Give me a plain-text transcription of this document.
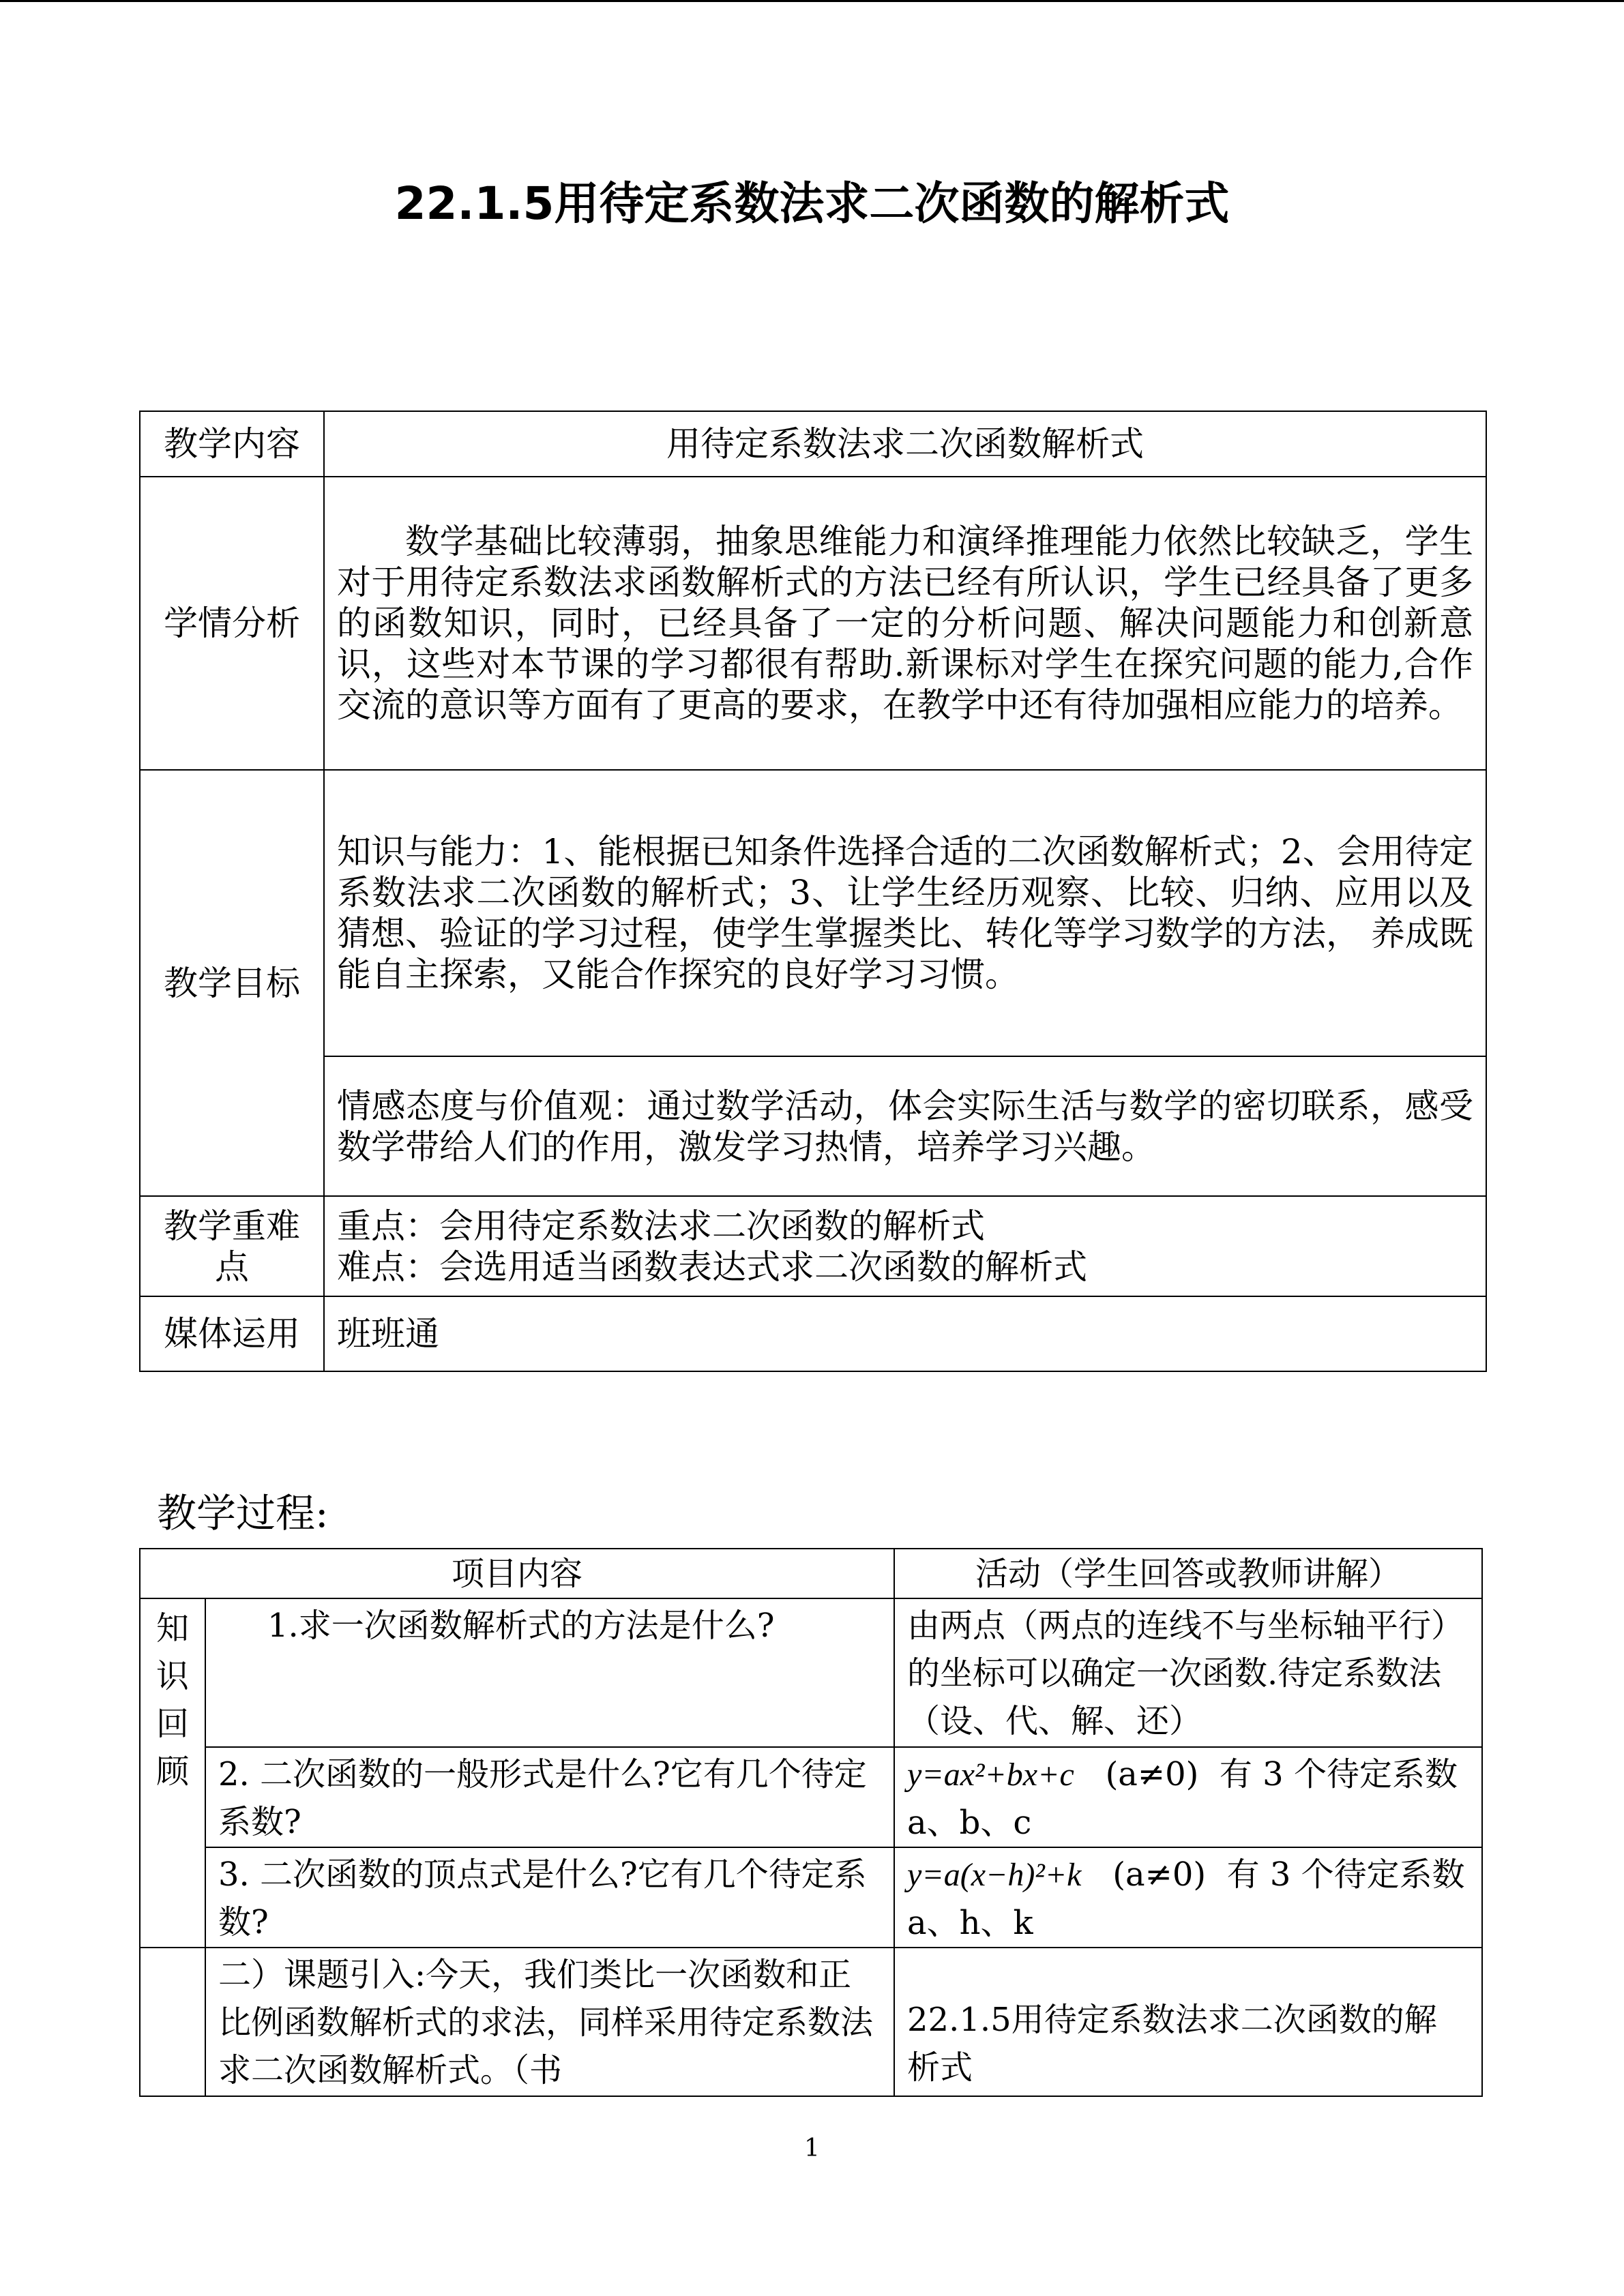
22.1.5用待定系数法求二次函数的解析式
教学内容	用待定系数法求二次函数解析式
学情分析	数学基础比较薄弱，抽象思维能力和演绎推理能力依然比较缺乏，学生对于用待定系数法求函数解析式的方法已经有所认识，学生已经具备了更多的函数知识，同时，已经具备了一定的分析问题、解决问题能力和创新意识，这些对本节课的学习都很有帮助.新课标对学生在探究问题的能力,合作交流的意识等方面有了更高的要求，在教学中还有待加强相应能力的培养。
教学目标	知识与能力：1、能根据已知条件选择合适的二次函数解析式；2、会用待定系数法求二次函数的解析式；3、让学生经历观察、比较、归纳、应用以及猜想、验证的学习过程，使学生掌握类比、转化等学习数学的方法， 养成既能自主探索，又能合作探究的良好学习习惯。
	情感态度与价值观：通过数学活动，体会实际生活与数学的密切联系，感受数学带给人们的作用，激发学习热情，培养学习兴趣。
教学重难点	重点：会用待定系数法求二次函数的解析式
难点：会选用适当函数表达式求二次函数的解析式

媒体运用	班班通
教学过程:
项目内容		活动（学生回答或教师讲解）
知识回顾	1.求一次函数解析式的方法是什么?	由两点（两点的连线不与坐标轴平行）的坐标可以确定一次函数.待定系数法（设、代、解、还）
	2. 二次函数的一般形式是什么?它有几个待定系数?	y=ax²+bx+c (a≠0) 有 3 个待定系数 a、b、c
	3. 二次函数的顶点式是什么?它有几个待定系数?	y=a(x−h)²+k (a≠0) 有 3 个待定系数 a、h、k
	二）课题引入:今天，我们类比一次函数和正比例函数解析式的求法，同样采用待定系数法求二次函数解析式。（书	22.1.5用待定系数法求二次函数的解析式
1
